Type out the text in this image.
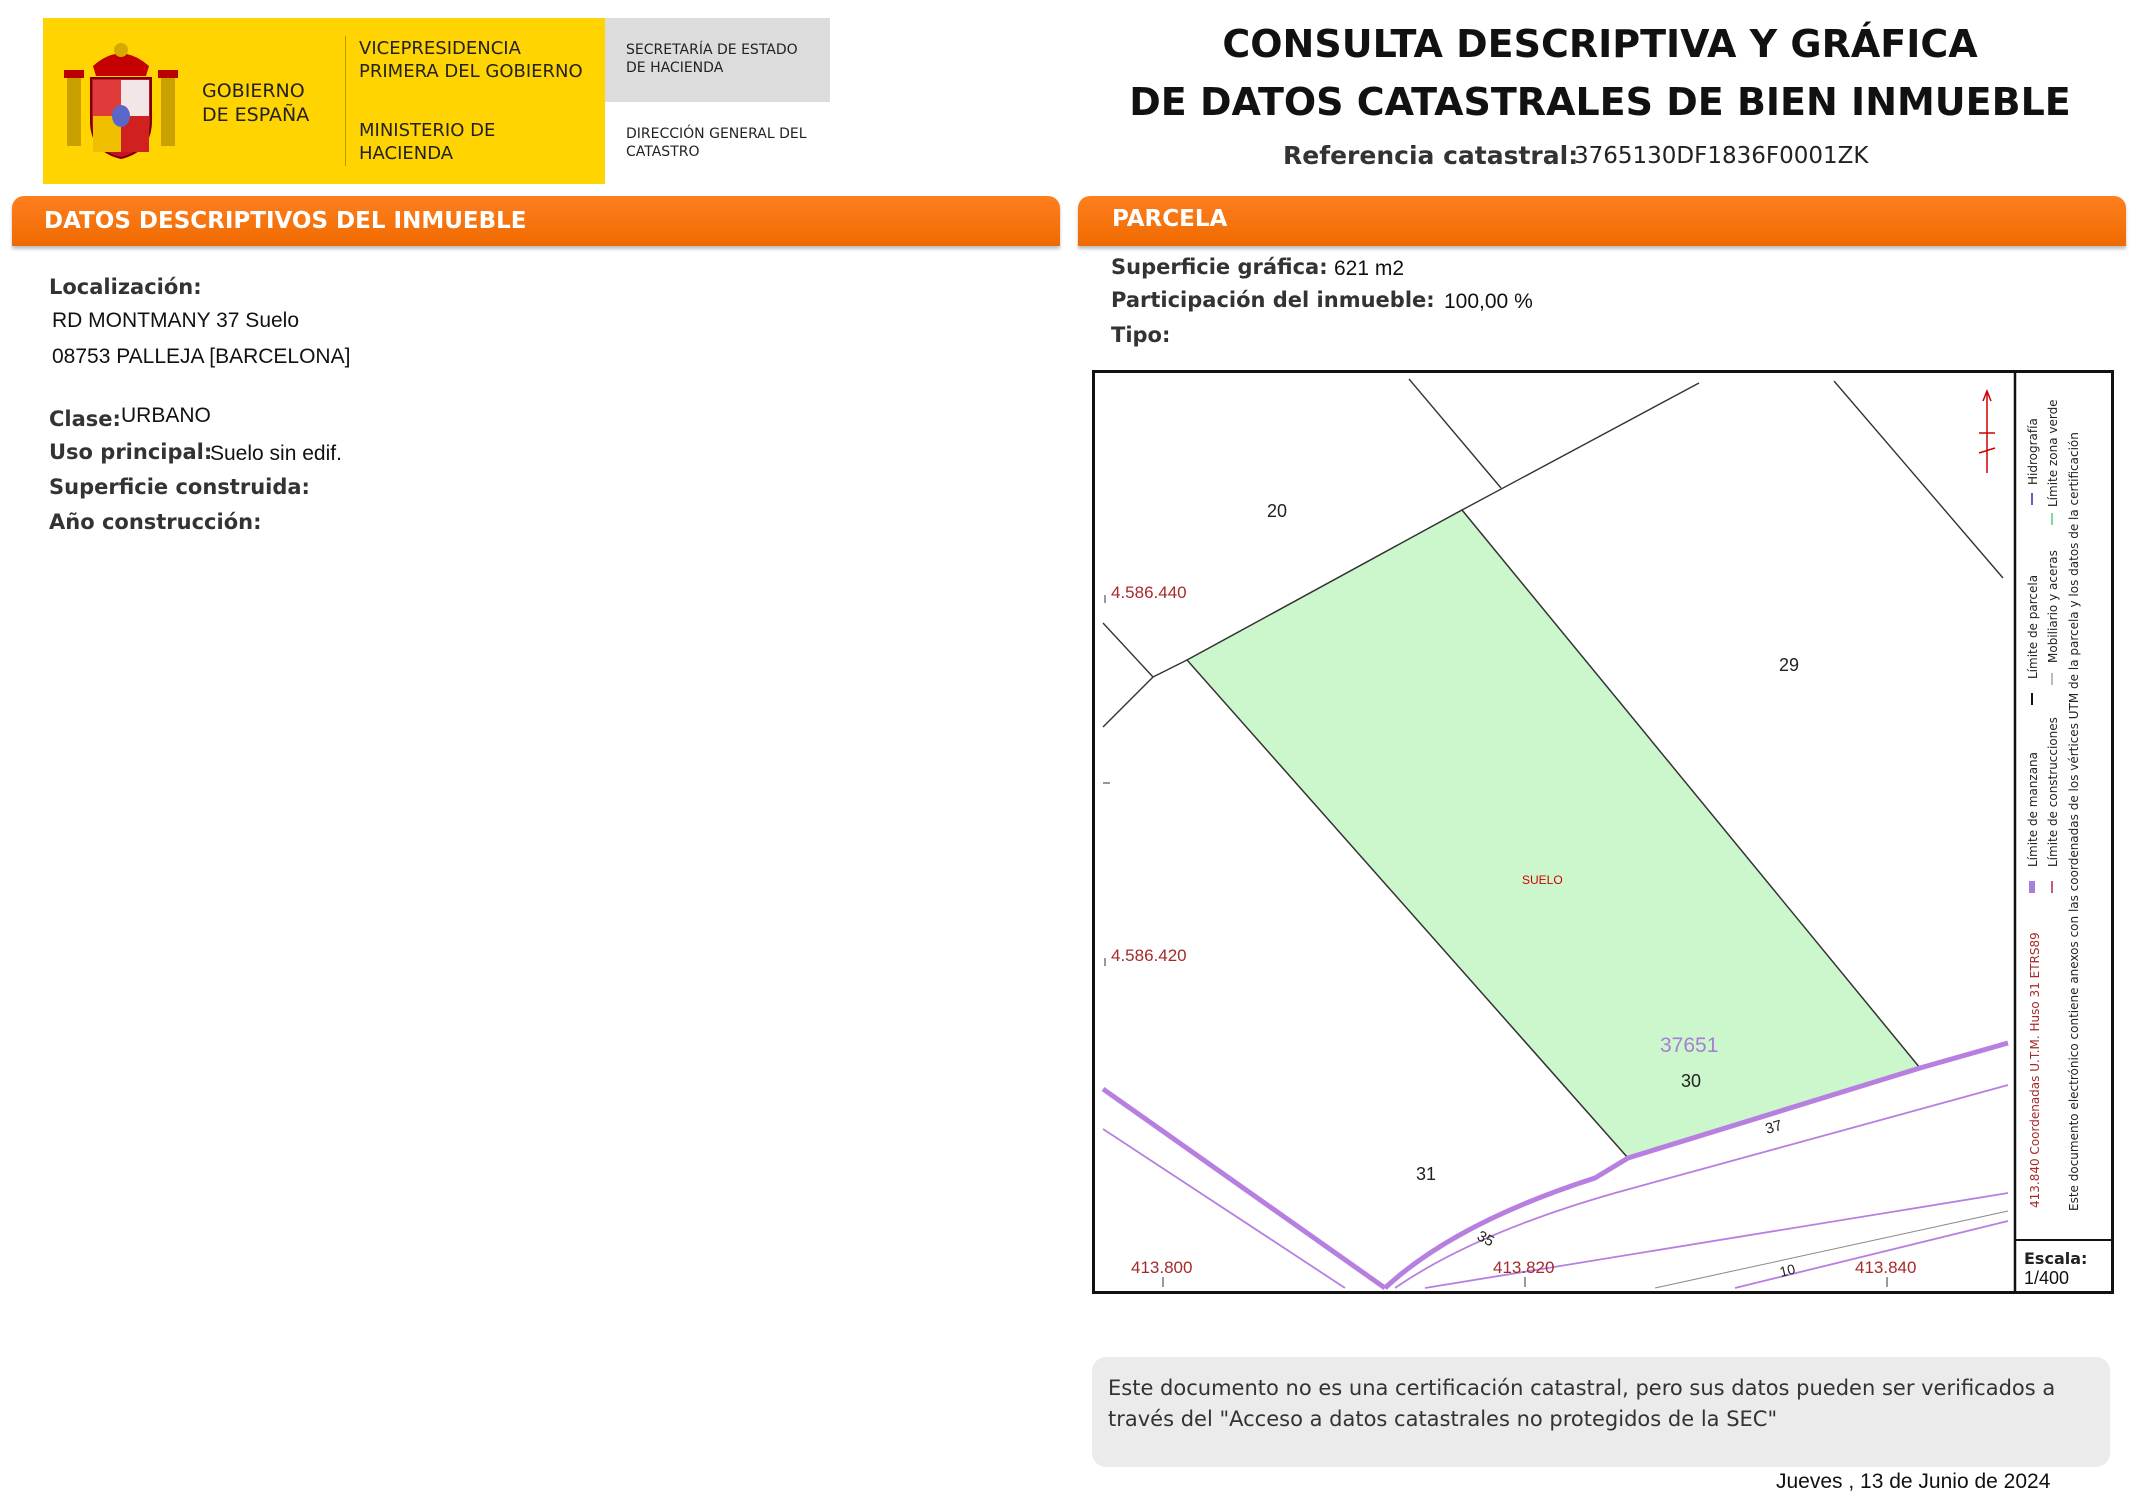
GOBIERNO DE ESPAÑA
VICEPRESIDENCIA PRIMERA DEL GOBIERNO
MINISTERIO DE HACIENDA
SECRETARÍA DE ESTADO DE HACIENDA
DIRECCIÓN GENERAL DEL CATASTRO
CONSULTA DESCRIPTIVA Y GRÁFICA
DE DATOS CATASTRALES DE BIEN INMUEBLE
Referencia catastral:
3765130DF1836F0001ZK
DATOS DESCRIPTIVOS DEL INMUEBLE	PARCELA
Localización:
RD MONTMANY 37 Suelo
08753 PALLEJA [BARCELONA]
Clase: URBANO
Uso principal:
Suelo sin edif.
Superficie construida:
Año construcción:
Superficie gráfica: 621 m2
Participación del inmueble: 100,00 %
Tipo:
4.586.440
4.586.420
413.800	413.820	413.840
20
29
30
31
SUELO
37651
37
35
10
Límite de manzana
Límite de parcela
Hidrografía
Límite de construcciones
Mobiliario y aceras
Límite zona verde
413.840 Coordenadas U.T.M. Huso 31 ETRS89 Este documento electrónico contiene anexos con las coordenadas de los vértices UTM de la parcela y los datos de la certificación
Escala:
1/400
Este documento no es una certificación catastral, pero sus datos pueden ser verificados a través del "Acceso a datos catastrales no protegidos de la SEC"
Jueves , 13 de Junio de 2024
